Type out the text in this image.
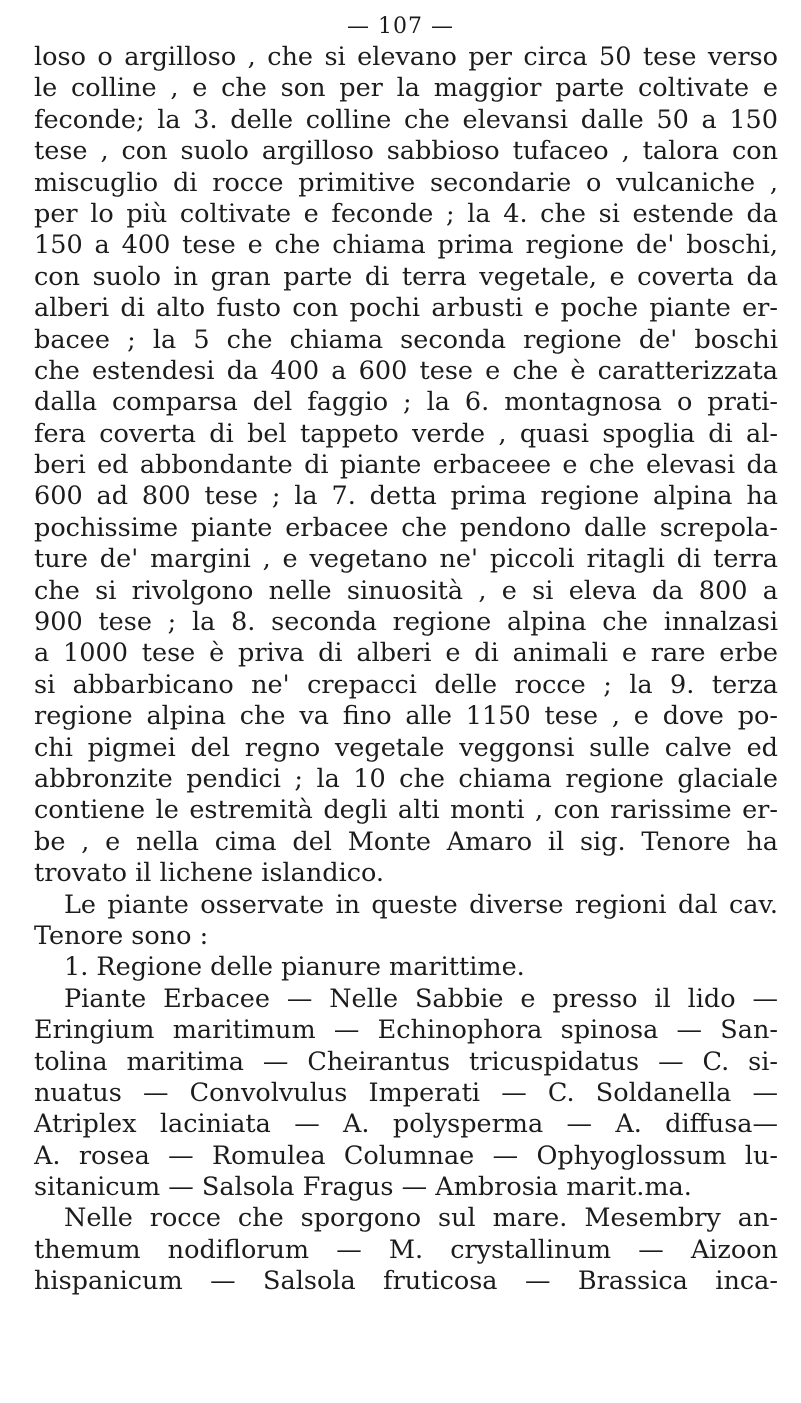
— 107 —
loso o argilloso , che si elevano per circa 50 tese verso
le colline , e che son per la maggior parte coltivate e
feconde; la 3. delle colline che elevansi dalle 50 a 150
tese , con suolo argilloso sabbioso tufaceo , talora con
miscuglio di rocce primitive secondarie o vulcaniche ,
per lo più coltivate e feconde ; la 4. che si estende da
150 a 400 tese e che chiama prima regione de' boschi,
con suolo in gran parte di terra vegetale, e coverta da
alberi di alto fusto con pochi arbusti e poche piante er-
bacee ; la 5 che chiama seconda regione de' boschi
che estendesi da 400 a 600 tese e che è caratterizzata
dalla comparsa del faggio ; la 6. montagnosa o prati-
fera coverta di bel tappeto verde , quasi spoglia di al-
beri ed abbondante di piante erbaceee e che elevasi da
600 ad 800 tese ; la 7. detta prima regione alpina ha
pochissime piante erbacee che pendono dalle screpola-
ture de' margini , e vegetano ne' piccoli ritagli di terra
che si rivolgono nelle sinuosità , e si eleva da 800 a
900 tese ; la 8. seconda regione alpina che innalzasi
a 1000 tese è priva di alberi e di animali e rare erbe
si abbarbicano ne' crepacci delle rocce ; la 9. terza
regione alpina che va fino alle 1150 tese , e dove po-
chi pigmei del regno vegetale veggonsi sulle calve ed
abbronzite pendici ; la 10 che chiama regione glaciale
contiene le estremità degli alti monti , con rarissime er-
be , e nella cima del Monte Amaro il sig. Tenore ha
trovato il lichene islandico.
Le piante osservate in queste diverse regioni dal cav.
Tenore sono :
1. Regione delle pianure marittime.
Piante Erbacee — Nelle Sabbie e presso il lido —
Eringium maritimum — Echinophora spinosa — San-
tolina maritima — Cheirantus tricuspidatus — C. si-
nuatus — Convolvulus Imperati — C. Soldanella —
Atriplex laciniata — A. polysperma — A. diffusa—
A. rosea — Romulea Columnae — Ophyoglossum lu-
sitanicum — Salsola Fragus — Ambrosia marit.ma.
Nelle rocce che sporgono sul mare. Mesembry an-
themum nodiflorum — M. crystallinum — Aizoon
hispanicum — Salsola fruticosa — Brassica inca-
